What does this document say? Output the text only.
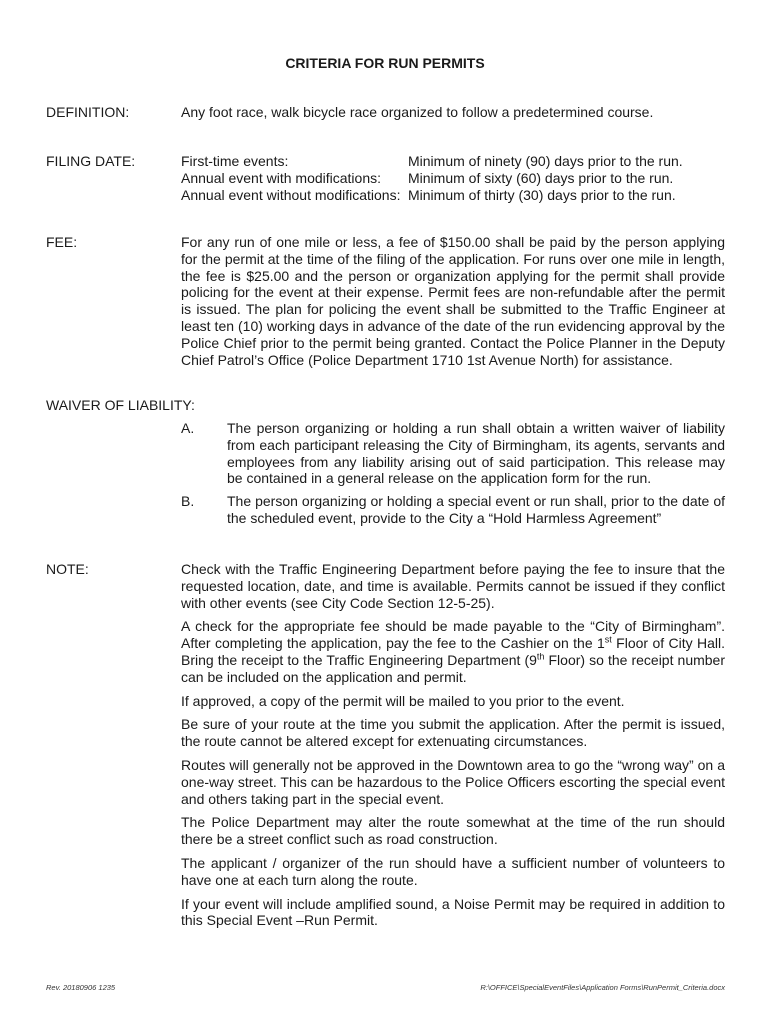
CRITERIA FOR RUN PERMITS
DEFINITION:	Any foot race, walk bicycle race organized to follow a predetermined course.
FILING DATE:	First-time events:	Minimum of ninety (90) days prior to the run.
Annual event with modifications:	Minimum of sixty (60) days prior to the run.
Annual event without modifications: Minimum of thirty (30) days prior to the run.
FEE:	For any run of one mile or less, a fee of $150.00 shall be paid by the person applying for the permit at the time of the filing of the application. For runs over one mile in length, the fee is $25.00 and the person or organization applying for the permit shall provide policing for the event at their expense. Permit fees are non-refundable after the permit is issued. The plan for policing the event shall be submitted to the Traffic Engineer at least ten (10) working days in advance of the date of the run evidencing approval by the Police Chief prior to the permit being granted. Contact the Police Planner in the Deputy Chief Patrol’s Office (Police Department 1710 1st Avenue North) for assistance.
WAIVER OF LIABILITY:
A. The person organizing or holding a run shall obtain a written waiver of liability from each participant releasing the City of Birmingham, its agents, servants and employees from any liability arising out of said participation. This release may be contained in a general release on the application form for the run.
B. The person organizing or holding a special event or run shall, prior to the date of the scheduled event, provide to the City a “Hold Harmless Agreement”
NOTE:	Check with the Traffic Engineering Department before paying the fee to insure that the requested location, date, and time is available. Permits cannot be issued if they conflict with other events (see City Code Section 12-5-25).

A check for the appropriate fee should be made payable to the “City of Birmingham”. After completing the application, pay the fee to the Cashier on the 1st Floor of City Hall. Bring the receipt to the Traffic Engineering Department (9th Floor) so the receipt number can be included on the application and permit.

If approved, a copy of the permit will be mailed to you prior to the event.

Be sure of your route at the time you submit the application. After the permit is issued, the route cannot be altered except for extenuating circumstances.

Routes will generally not be approved in the Downtown area to go the “wrong way” on a one-way street. This can be hazardous to the Police Officers escorting the special event and others taking part in the special event.

The Police Department may alter the route somewhat at the time of the run should there be a street conflict such as road construction.

The applicant / organizer of the run should have a sufficient number of volunteers to have one at each turn along the route.

If your event will include amplified sound, a Noise Permit may be required in addition to this Special Event –Run Permit.

Rev. 20180906 1235	R:\OFFICE\SpecialEventFiles\Application Forms\RunPermit_Criteria.docx
